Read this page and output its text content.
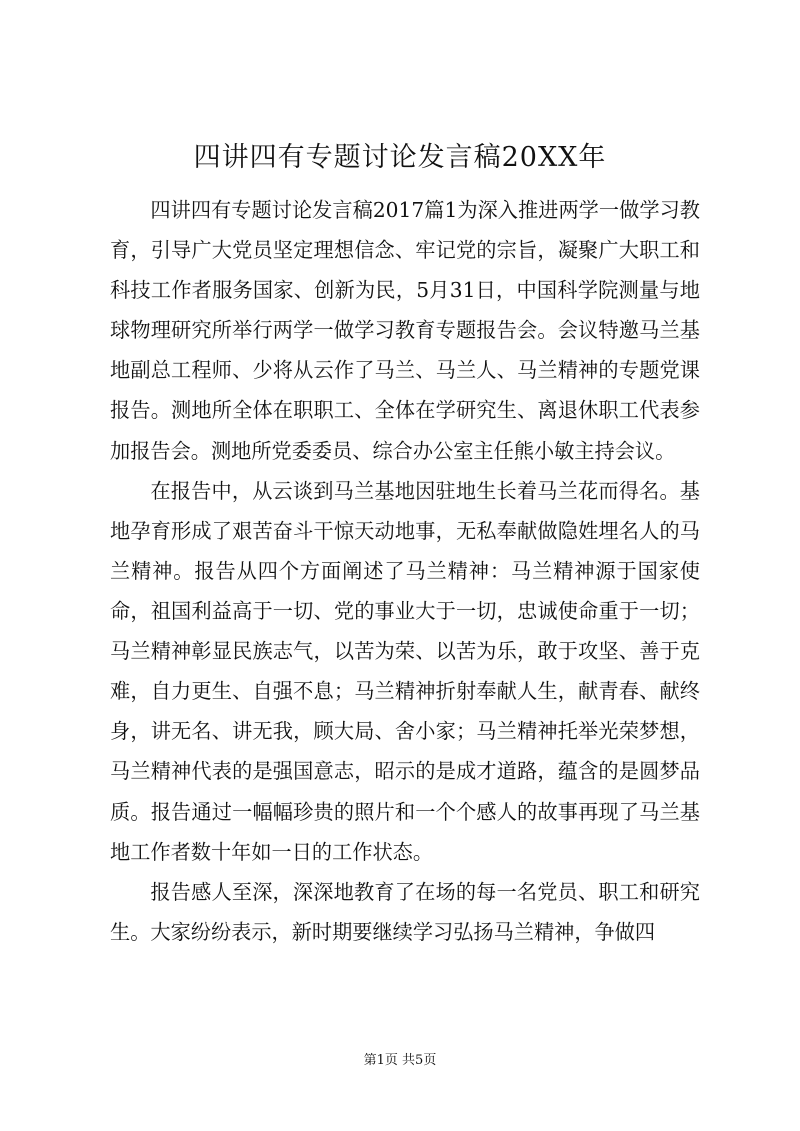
四讲四有专题讨论发言稿20XX年

四讲四有专题讨论发言稿2017篇1为深入推进两学一做学习教育，引导广大党员坚定理想信念、牢记党的宗旨，凝聚广大职工和科技工作者服务国家、创新为民，5月31日，中国科学院测量与地球物理研究所举行两学一做学习教育专题报告会。会议特邀马兰基地副总工程师、少将从云作了马兰、马兰人、马兰精神的专题党课报告。测地所全体在职职工、全体在学研究生、离退休职工代表参加报告会。测地所党委委员、综合办公室主任熊小敏主持会议。

在报告中，从云谈到马兰基地因驻地生长着马兰花而得名。基地孕育形成了艰苦奋斗干惊天动地事，无私奉献做隐姓埋名人的马兰精神。报告从四个方面阐述了马兰精神：马兰精神源于国家使命，祖国利益高于一切、党的事业大于一切，忠诚使命重于一切；马兰精神彰显民族志气，以苦为荣、以苦为乐，敢于攻坚、善于克难，自力更生、自强不息；马兰精神折射奉献人生，献青春、献终身，讲无名、讲无我，顾大局、舍小家；马兰精神托举光荣梦想，马兰精神代表的是强国意志，昭示的是成才道路，蕴含的是圆梦品质。报告通过一幅幅珍贵的照片和一个个感人的故事再现了马兰基地工作者数十年如一日的工作状态。

报告感人至深，深深地教育了在场的每一名党员、职工和研究生。大家纷纷表示，新时期要继续学习弘扬马兰精神，争做四

第1页 共5页
